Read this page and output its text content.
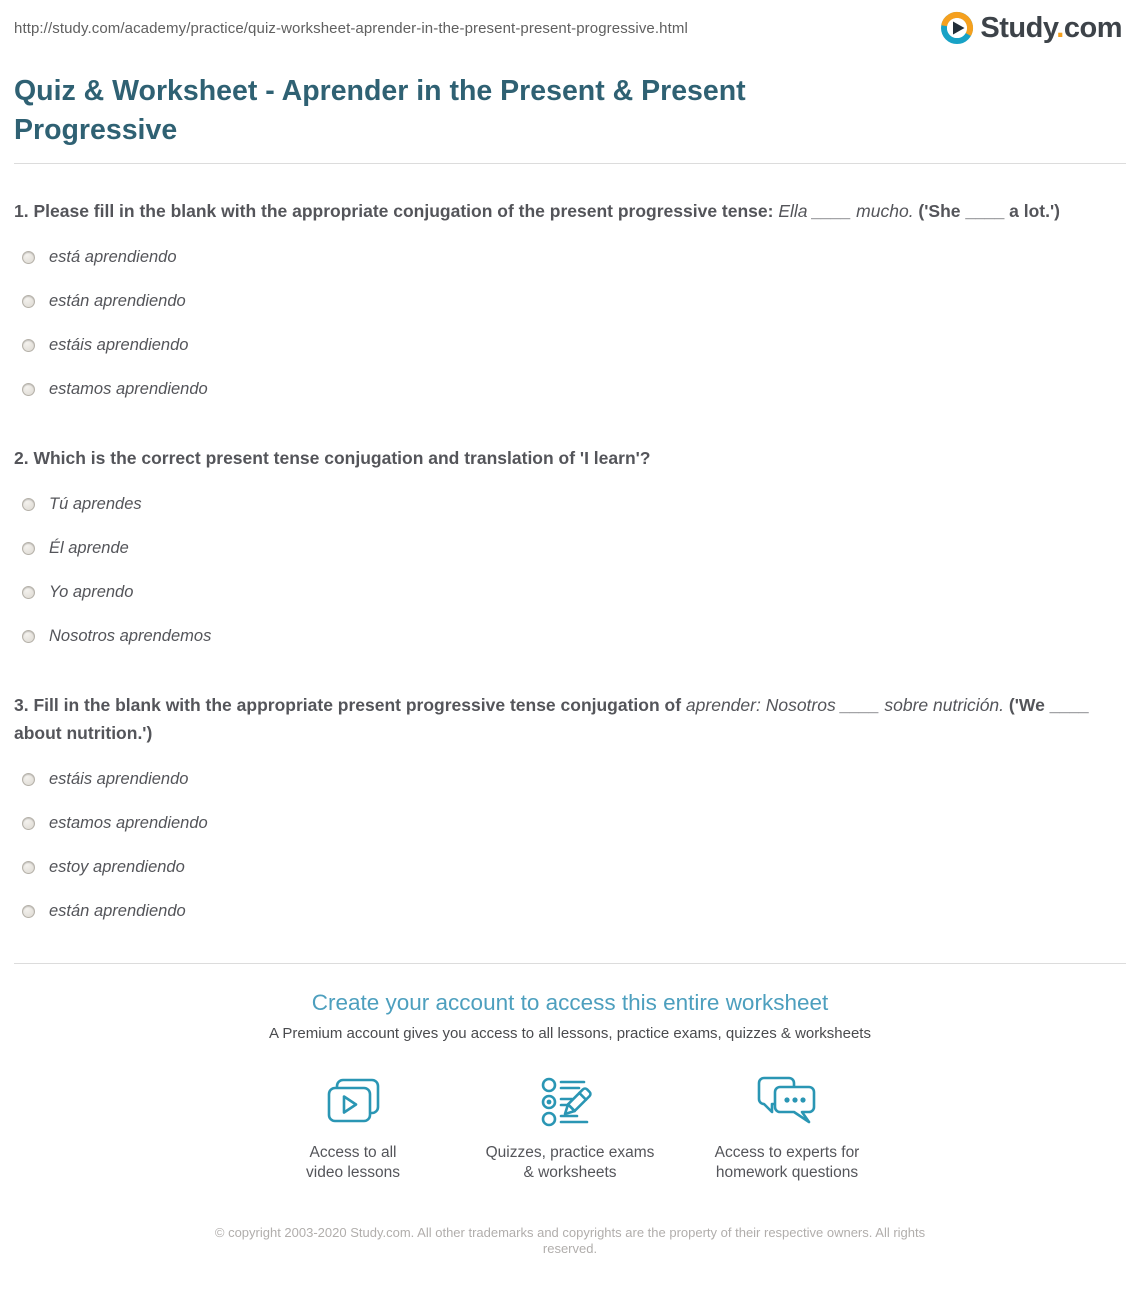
http://study.com/academy/practice/quiz-worksheet-aprender-in-the-present-present-progressive.html	Study.com
Quiz & Worksheet - Aprender in the Present & Present Progressive

1. Please fill in the blank with the appropriate conjugation of the present progressive tense: Ella ____ mucho. ('She ____ a lot.')

está aprendiendo
están aprendiendo
estáis aprendiendo
estamos aprendiendo

2. Which is the correct present tense conjugation and translation of 'I learn'?

Tú aprendes
Él aprende
Yo aprendo
Nosotros aprendemos

3. Fill in the blank with the appropriate present progressive tense conjugation of aprender: Nosotros ____ sobre nutrición. ('We ____ about nutrition.')

estáis aprendiendo
estamos aprendiendo
estoy aprendiendo
están aprendiendo
Create your account to access this entire worksheet

A Premium account gives you access to all lessons, practice exams, quizzes & worksheets

Access to all
video lessons
Quizzes, practice exams
& worksheets
Access to experts for
homework questions

© copyright 2003-2020 Study.com. All other trademarks and copyrights are the property of their respective owners. All rights reserved.
